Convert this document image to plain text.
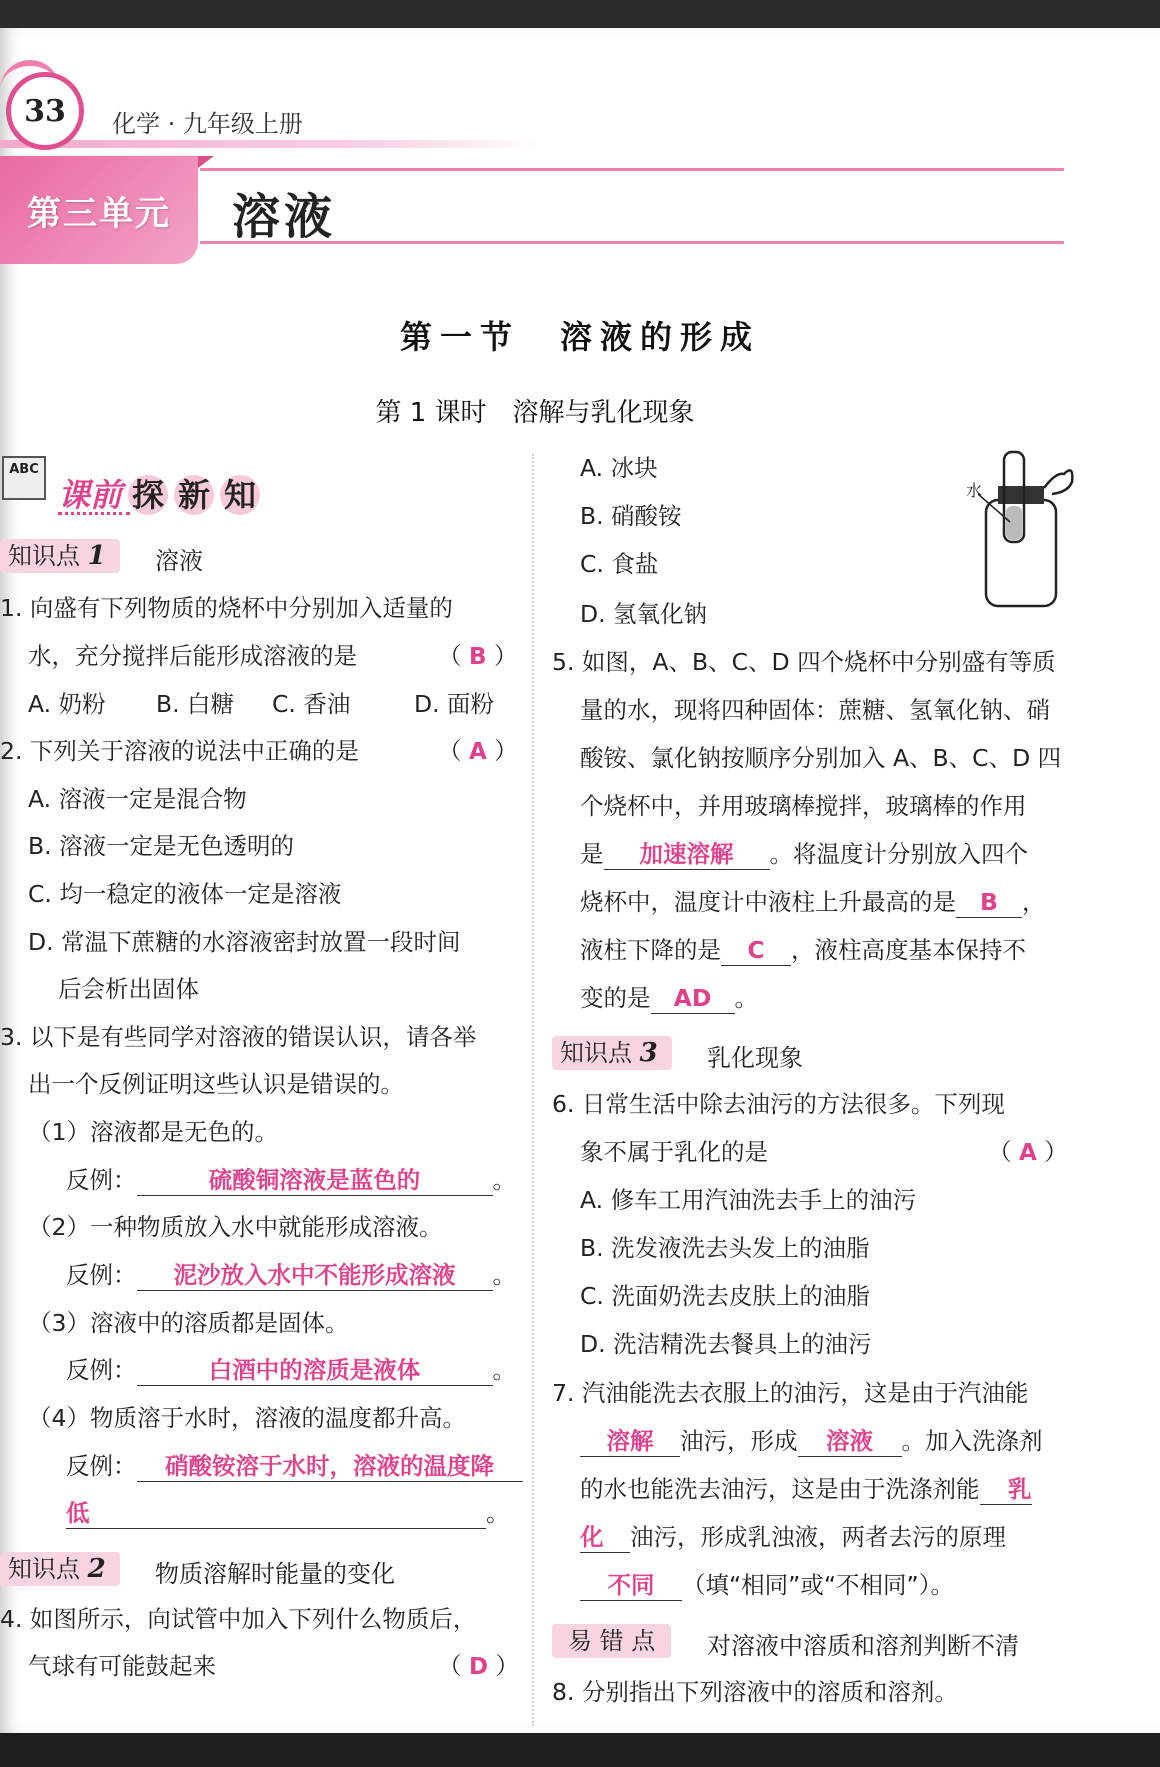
33 化学 · 九年级上册
第三单元 溶液
第一节　溶液的形成
第 1 课时　溶解与乳化现象
ABC
课前 探 新 知
知识点 1	溶液
1. 向盛有下列物质的烧杯中分别加入适量的
水，充分搅拌后能形成溶液的是	（ B ）
A. 奶粉 B. 白糖 C. 香油	D. 面粉
2. 下列关于溶液的说法中正确的是	（ A ）
A. 溶液一定是混合物
B. 溶液一定是无色透明的
C. 均一稳定的液体一定是溶液
D. 常温下蔗糖的水溶液密封放置一段时间
后会析出固体
3. 以下是有些同学对溶液的错误认识，请各举
出一个反例证明这些认识是错误的。
（1）溶液都是无色的。
反例：	硫酸铜溶液是蓝色的	。
（2）一种物质放入水中就能形成溶液。
反例： 泥沙放入水中不能形成溶液 。
（3）溶液中的溶质都是固体。
反例：	白酒中的溶质是液体	。
（4）物质溶于水时，溶液的温度都升高。
反例： 硝酸铵溶于水时，溶液的温度降
低	。
知识点 2	物质溶解时能量的变化
4. 如图所示，向试管中加入下列什么物质后，
气球有可能鼓起来	（ D ）
A. 冰块
B. 硝酸铵
C. 食盐
D. 氢氧化钠
水
5. 如图，A、B、C、D 四个烧杯中分别盛有等质
量的水，现将四种固体：蔗糖、氢氧化钠、硝
酸铵、氯化钠按顺序分别加入 A、B、C、D 四
个烧杯中，并用玻璃棒搅拌，玻璃棒的作用
是 加速溶解 。将温度计分别放入四个
烧杯中，温度计中液柱上升最高的是 B ，
液柱下降的是 C ，液柱高度基本保持不
变的是 AD 。
知识点 3	乳化现象
6. 日常生活中除去油污的方法很多。下列现
象不属于乳化的是	（ A ）
A. 修车工用汽油洗去手上的油污
B. 洗发液洗去头发上的油脂
C. 洗面奶洗去皮肤上的油脂
D. 洗洁精洗去餐具上的油污
7. 汽油能洗去衣服上的油污，这是由于汽油能
溶解 油污，形成 溶液 。加入洗涤剂
的水也能洗去油污，这是由于洗涤剂能 乳
化 油污，形成乳浊液，两者去污的原理
不同 （填“相同”或“不相同”）。
易 错 点	对溶液中溶质和溶剂判断不清
8. 分别指出下列溶液中的溶质和溶剂。
